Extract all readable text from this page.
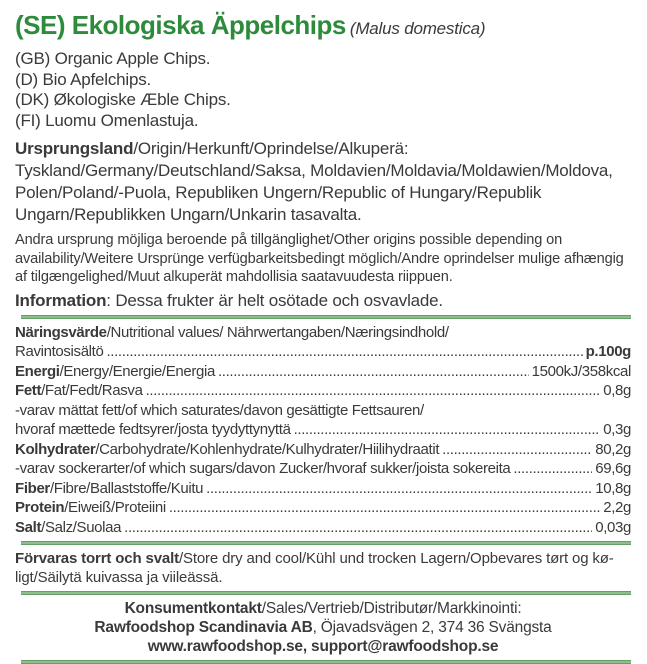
(SE) Ekologiska Äppelchips (Malus domestica)
(GB) Organic Apple Chips.
(D) Bio Apfelchips.
(DK) Økologiske Æble Chips.
(FI) Luomu Omenlastuja.

Ursprungsland/Origin/Herkunft/Oprindelse/Alkuperä: Tyskland/Germany/Deutschland/Saksa, Moldavien/Moldavia/Moldawien/Moldova, Polen/Poland/-Puola, Republiken Ungern/Republic of Hungary/Republik Ungarn/Republikken Ungarn/Unkarin tasavalta.

Andra ursprung möjliga beroende på tillgänglighet/Other origins possible depending on availability/Weitere Ursprünge verfügbarkeitsbedingt möglich/Andre oprindelser mulige afhængig af tilgængelighed/Muut alkuperät mahdollisia saatavuudesta riippuen.

Information: Dessa frukter är helt osötade och osvavlade.
Näringsvärde/Nutritional values/ Nährwertangaben/Næringsindhold/
Ravintosisältö .....	p.100g
Energi/Energy/Energie/Energia .....	1500kJ/358kcal
Fett/Fat/Fedt/Rasva .....	0,8g
-varav mättat fett/of which saturates/davon gesättigte Fettsauren/
hvoraf mættede fedtsyrer/josta tyydyttynyttä .....	0,3g
Kolhydrater/Carbohydrate/Kohlenhydrate/Kulhydrater/Hiilihydraatit .....	80,2g
-varav sockerarter/of which sugars/davon Zucker/hvoraf sukker/joista sokereita .....	69,6g
Fiber/Fibre/Ballaststoffe/Kuitu .....	10,8g
Protein/Eiweiß/Proteiini .....	2,2g
Salt/Salz/Suolaa .....	0,03g

Förvaras torrt och svalt/Store dry and cool/Kühl und trocken Lagern/Opbevares tørt og kø-ligt/Säilytä kuivassa ja viileässä.

Konsumentkontakt/Sales/Vertrieb/Distributør/Markkinointi:
Rawfoodshop Scandinavia AB, Öjavadsvägen 2, 374 36 Svängsta
www.rawfoodshop.se, support@rawfoodshop.se
